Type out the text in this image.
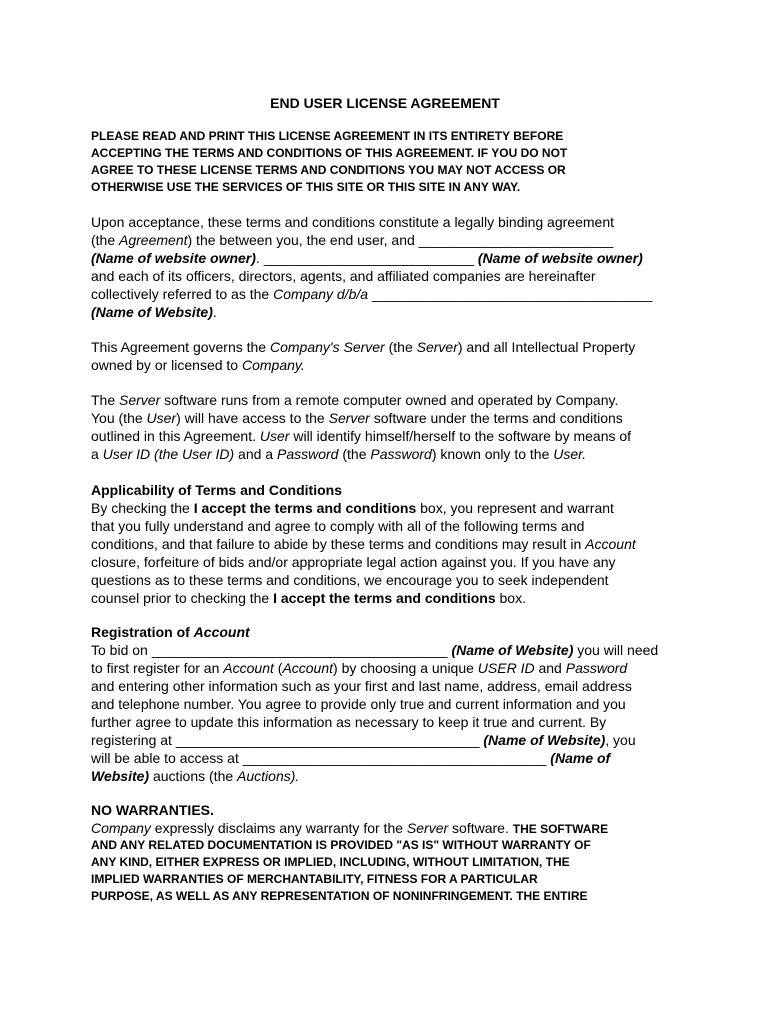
END USER LICENSE AGREEMENT
PLEASE READ AND PRINT THIS LICENSE AGREEMENT IN ITS ENTIRETY BEFORE
ACCEPTING THE TERMS AND CONDITIONS OF THIS AGREEMENT. IF YOU DO NOT
AGREE TO THESE LICENSE TERMS AND CONDITIONS YOU MAY NOT ACCESS OR
OTHERWISE USE THE SERVICES OF THIS SITE OR THIS SITE IN ANY WAY.
Upon acceptance, these terms and conditions constitute a legally binding agreement
(the Agreement) the between you, the end user, and _________________________
(Name of website owner). ___________________________ (Name of website owner)
and each of its officers, directors, agents, and affiliated companies are hereinafter
collectively referred to as the Company d/b/a ____________________________________
(Name of Website).
This Agreement governs the Company's Server (the Server) and all Intellectual Property
owned by or licensed to Company.
The Server software runs from a remote computer owned and operated by Company.
You (the User) will have access to the Server software under the terms and conditions
outlined in this Agreement. User will identify himself/herself to the software by means of
a User ID (the User ID) and a Password (the Password) known only to the User.
Applicability of Terms and Conditions
By checking the I accept the terms and conditions box, you represent and warrant
that you fully understand and agree to comply with all of the following terms and
conditions, and that failure to abide by these terms and conditions may result in Account
closure, forfeiture of bids and/or appropriate legal action against you. If you have any
questions as to these terms and conditions, we encourage you to seek independent
counsel prior to checking the I accept the terms and conditions box.
Registration of Account
To bid on ______________________________________ (Name of Website) you will need
to first register for an Account (Account) by choosing a unique USER ID and Password
and entering other information such as your first and last name, address, email address
and telephone number. You agree to provide only true and current information and you
further agree to update this information as necessary to keep it true and current. By
registering at _______________________________________ (Name of Website), you
will be able to access at _______________________________________ (Name of
Website) auctions (the Auctions).
NO WARRANTIES.
Company expressly disclaims any warranty for the Server software. THE SOFTWARE
AND ANY RELATED DOCUMENTATION IS PROVIDED "AS IS" WITHOUT WARRANTY OF
ANY KIND, EITHER EXPRESS OR IMPLIED, INCLUDING, WITHOUT LIMITATION, THE
IMPLIED WARRANTIES OF MERCHANTABILITY, FITNESS FOR A PARTICULAR
PURPOSE, AS WELL AS ANY REPRESENTATION OF NONINFRINGEMENT. THE ENTIRE
